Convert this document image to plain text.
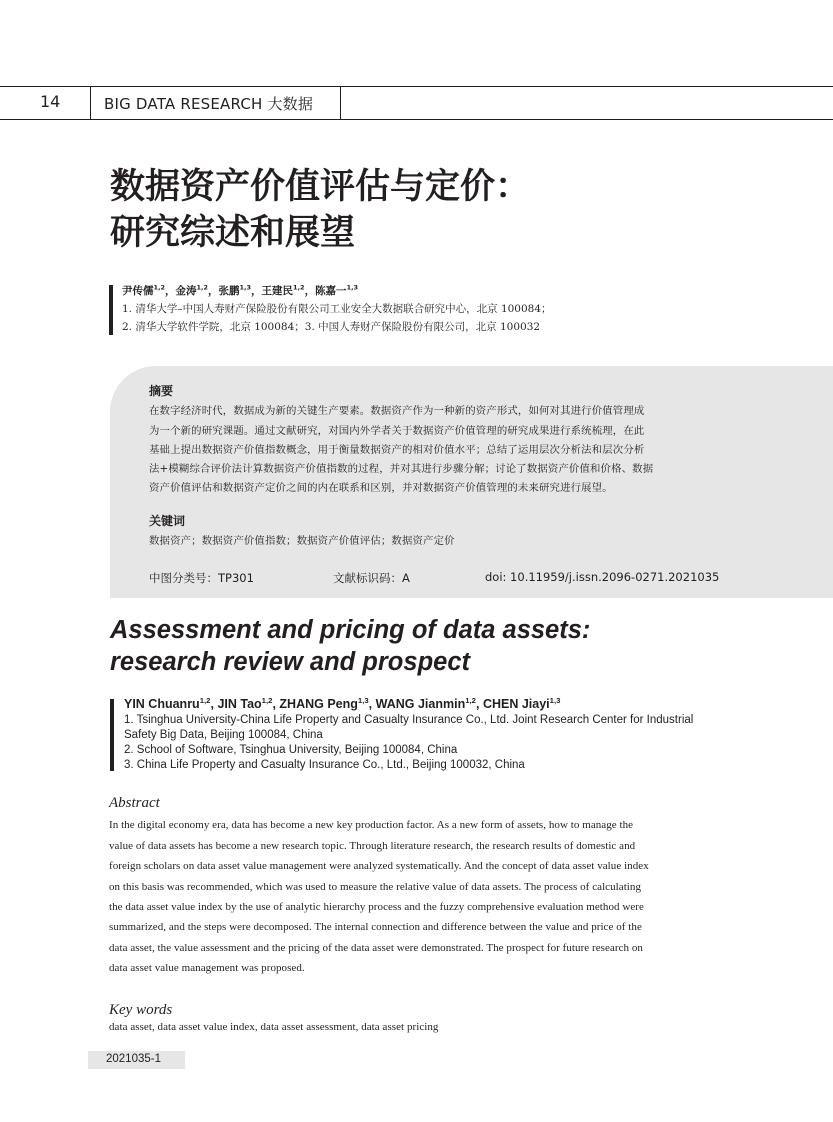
14	BIG DATA RESEARCH 大数据
数据资产价值评估与定价：
研究综述和展望
尹传儒$^{1,2}$，金涛$^{1,2}$，张鹏$^{1,3}$，王建民$^{1,2}$，陈嘉一$^{1,3}$
1. 清华大学–中国人寿财产保险股份有限公司工业安全大数据联合研究中心，北京 100084；
2. 清华大学软件学院，北京 100084；3. 中国人寿财产保险股份有限公司，北京 100032
摘要
在数字经济时代，数据成为新的关键生产要素。数据资产作为一种新的资产形式，如何对其进行价值管理成
为一个新的研究课题。通过文献研究，对国内外学者关于数据资产价值管理的研究成果进行系统梳理，在此
基础上提出数据资产价值指数概念，用于衡量数据资产的相对价值水平；总结了运用层次分析法和层次分析
法+模糊综合评价法计算数据资产价值指数的过程，并对其进行步骤分解；讨论了数据资产价值和价格、数据
资产价值评估和数据资产定价之间的内在联系和区别，并对数据资产价值管理的未来研究进行展望。
关键词
数据资产；数据资产价值指数；数据资产价值评估；数据资产定价
中图分类号：TP301	文献标识码：A	doi: 10.11959/j.issn.2096-0271.2021035
Assessment and pricing of data assets:
research review and prospect
YIN Chuanru$^{1,2}$, JIN Tao$^{1,2}$, ZHANG Peng$^{1,3}$, WANG Jianmin$^{1,2}$, CHEN Jiayi$^{1,3}$
1. Tsinghua University-China Life Property and Casualty Insurance Co., Ltd. Joint Research Center for Industrial
Safety Big Data, Beijing 100084, China
2. School of Software, Tsinghua University, Beijing 100084, China
3. China Life Property and Casualty Insurance Co., Ltd., Beijing 100032, China
Abstract
In the digital economy era, data has become a new key production factor. As a new form of assets, how to manage the
value of data assets has become a new research topic. Through literature research, the research results of domestic and
foreign scholars on data asset value management were analyzed systematically. And the concept of data asset value index
on this basis was recommended, which was used to measure the relative value of data assets. The process of calculating
the data asset value index by the use of analytic hierarchy process and the fuzzy comprehensive evaluation method were
summarized, and the steps were decomposed. The internal connection and difference between the value and price of the
data asset, the value assessment and the pricing of the data asset were demonstrated. The prospect for future research on
data asset value management was proposed.
Key words
data asset, data asset value index, data asset assessment, data asset pricing
2021035-1
